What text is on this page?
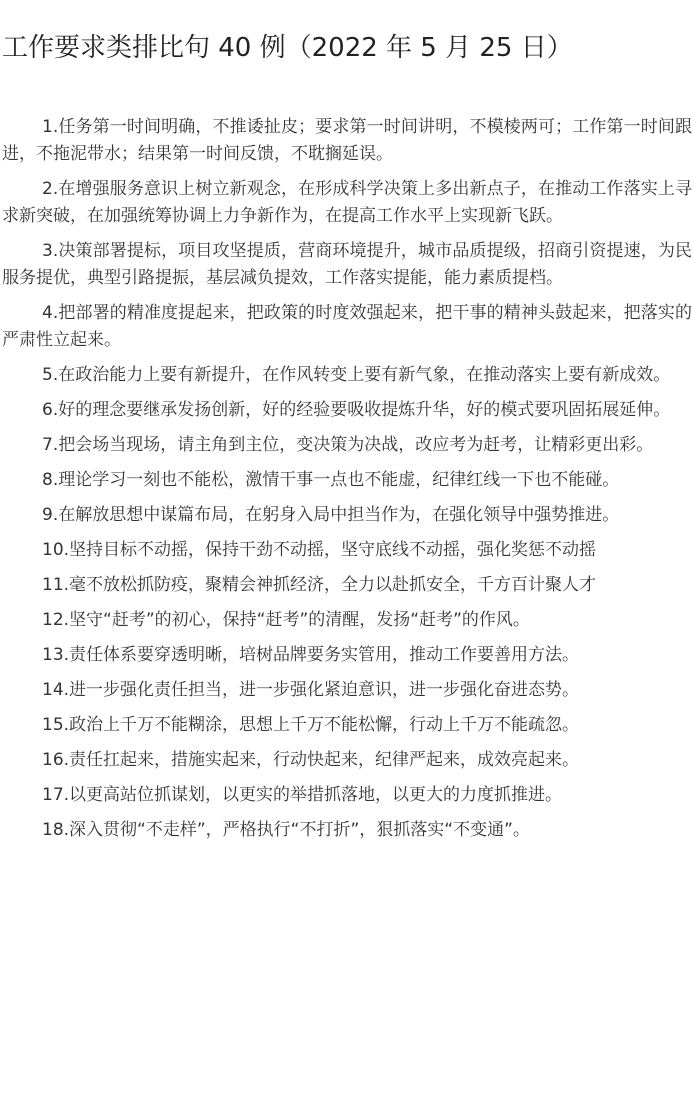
工作要求类排比句 40 例（2022 年 5 月 25 日）

1.任务第一时间明确，不推诿扯皮；要求第一时间讲明，不模棱两可；工作第一时间跟进，不拖泥带水；结果第一时间反馈，不耽搁延误。

2.在增强服务意识上树立新观念，在形成科学决策上多出新点子，在推动工作落实上寻求新突破，在加强统筹协调上力争新作为，在提高工作水平上实现新飞跃。

3.决策部署提标，项目攻坚提质，营商环境提升，城市品质提级，招商引资提速，为民服务提优，典型引路提振，基层减负提效，工作落实提能，能力素质提档。

4.把部署的精准度提起来，把政策的时度效强起来，把干事的精神头鼓起来，把落实的严肃性立起来。

5.在政治能力上要有新提升，在作风转变上要有新气象，在推动落实上要有新成效。

6.好的理念要继承发扬创新，好的经验要吸收提炼升华，好的模式要巩固拓展延伸。

7.把会场当现场，请主角到主位，变决策为决战，改应考为赶考，让精彩更出彩。

8.理论学习一刻也不能松，激情干事一点也不能虚，纪律红线一下也不能碰。

9.在解放思想中谋篇布局，在躬身入局中担当作为，在强化领导中强势推进。

10.坚持目标不动摇，保持干劲不动摇，坚守底线不动摇，强化奖惩不动摇

11.毫不放松抓防疫，聚精会神抓经济，全力以赴抓安全，千方百计聚人才

12.坚守“赶考”的初心，保持“赶考”的清醒，发扬“赶考”的作风。

13.责任体系要穿透明晰，培树品牌要务实管用，推动工作要善用方法。

14.进一步强化责任担当，进一步强化紧迫意识，进一步强化奋进态势。

15.政治上千万不能糊涂，思想上千万不能松懈，行动上千万不能疏忽。

16.责任扛起来，措施实起来，行动快起来，纪律严起来，成效亮起来。

17.以更高站位抓谋划，以更实的举措抓落地，以更大的力度抓推进。

18.深入贯彻“不走样”，严格执行“不打折”，狠抓落实“不变通”。
